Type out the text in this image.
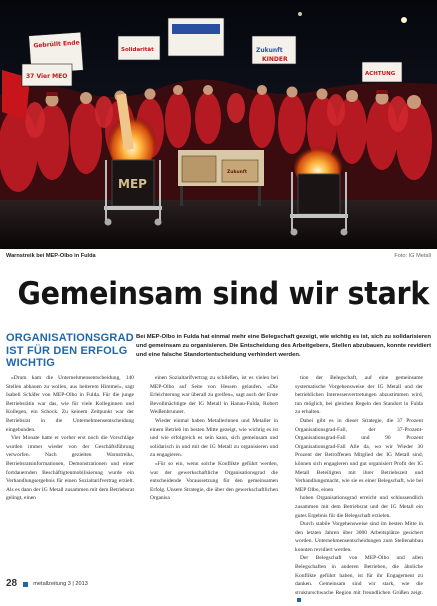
Gebrüllt Ende
37 Vier MEO
Solidarität	Zukunft
KINDER
ACHTUNG
Zukunft
MEP
Warnstreik bei MEP-Olbo in Fulda	Foto: IG Metall
Gemeinsam sind wir stark
ORGANISATIONSGRAD IST FÜR DEN ERFOLG WICHTIG
Bei MEP-Olbo in Fulda hat einmal mehr eine Belegschaft gezeigt, wie wichtig es ist, sich zu solidarisieren und gemeinsam zu organisieren. Die Entscheidung des Arbeitgebers, Stellen abzubauen, konnte revidiert und eine falsche Standortentscheidung verhindert werden.

»Drum kam die Unternehmensentscheidung, 140 Stellen abbauen zu wollen, aus heiterem Himmel«, sagt Isabell Schäfer von MEP-Olbo in Fulda. Für die junge Betriebsrätin war das, wie für viele Kolleginnen und Kollegen, ein Schock. Zu keinem Zeitpunkt war der Betriebsrat in die Unternehmensentscheidung eingebunden.

Vier Monate hatte er vorher erst noch die Vorschläge wurden immer wieder von der Geschäftsführung verworfen. Nach gezielten Warnstreiks, Betriebsratsinformationen, Demonstrationen und einer fortdauernden Beschäftigtenmobilisierung wurde ein Verhandlungsergebnis für einen Sozialtarifvertrag erzielt. Als es dann der IG Metall zusammen mit dem Betriebsrat gelingt, einen

einen Sozialtarifvertrag zu schließen, ist es vielen bei MEP-Olbo auf Seite von Hessen gelaufen. »Die Erleichterung war überall zu greifen«, sagt auch der Erste Bevollmächtigte der IG Metall in Hanau-Fulda, Robert Weißenbrunner.

Wieder einmal haben Metallerinnen und Metaller in einem Betrieb im besten Mitte gezeigt, wie wichtig es ist und wie erfolgreich es sein kann, sich gemeinsam und solidarisch in und mit der IG Metall zu organisieren und zu engagieren.

»Für so ein, wenn solche Konflikte geführt werden, war der gewerkschaftliche Organisationsgrad die entscheidende Voraussetzung für den gemeinsamen Erfolg. Unsere Strategie, die über den gewerkschaftlichen Organisa

tion der Belegschaft, auf eine gemeinsame systematische Vorgehensweise der IG Metall und der betrieblichen Interessenvertretungen abzustimmen wird, tun möglich, bei gleichen Regeln den Standort in Fulda zu erhalten.

Dabei gibt es in dieser Strategie, die 37 Prozent Organisationsgrad-Fall, der 37-Prozent-Organisationsgrad-Fall und 90 Prozent Organisationsgrad-Fall Alle da, wo wir Wieder 30 Prozent der Betroffenen Mitglied der IG Metall sind, können sich engagieren und gut organisiert Profit der IG Metall Beteiligten mit ihrer Betriebszeit und Verhandlungsmacht, wie sie es einer Belegschaft, wie bei MEP Olbo, einen

hohen Organisationsgrad erreicht und schlussendlich zusammen mit dem Betriebsrat und der IG Metall ein gutes Ergebnis für die Belegschaft erzielen.

Durch stabile Vorgehensweise sind im besten Mitte in den letzten Jahren über 3000 Arbeitsplätze gesichert worden. Unternehmensentscheidungen zum Stellenabbau konnten revidiert werden.

Der Belegschaft von MEP-Olbo und allen Belegschaften in anderen Betrieben, die ähnliche Konflikte geführt haben, ist für ihr Engagement zu danken. Gemeinsam sind wir stark, wie die strukturschwache Region mit freundlichen Grüßen zeigt.

28	metallzeitung 3 | 2013
